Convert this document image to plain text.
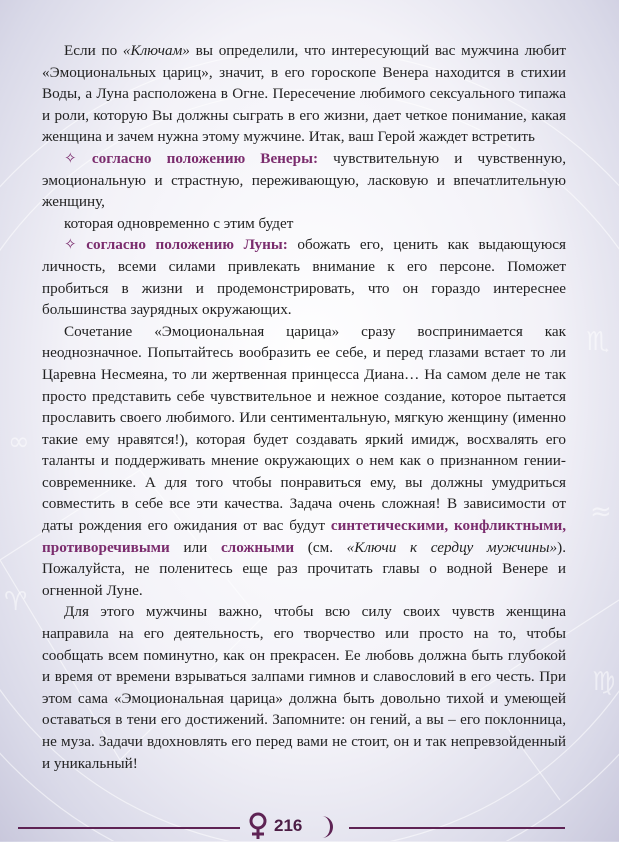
∞
♏
≈
♍
♈

Если по «Ключам» вы определили, что интересующий вас мужчина любит «Эмоциональных цариц», значит, в его гороскопе Венера находится в стихии Воды, а Луна расположена в Огне. Пересечение любимого сексуального типажа и роли, которую Вы должны сыграть в его жизни, дает четкое понимание, какая женщина и зачем нужна этому мужчине. Итак, ваш Герой жаждет встретить

✧ согласно положению Венеры: чувствительную и чувственную, эмоциональную и страстную, переживающую, ласковую и впечатлительную женщину,

которая одновременно с этим будет

✧ согласно положению Луны: обожать его, ценить как выдающуюся личность, всеми силами привлекать внимание к его персоне. Поможет пробиться в жизни и продемонстрировать, что он гораздо интереснее большинства заурядных окружающих.

Сочетание «Эмоциональная царица» сразу воспринимается как неоднозначное. Попытайтесь вообразить ее себе, и перед глазами встает то ли Царевна Несмеяна, то ли жертвенная принцесса Диана… На самом деле не так просто представить себе чувствительное и нежное создание, которое пытается прославить своего любимого. Или сентиментальную, мягкую женщину (именно такие ему нравятся!), которая будет создавать яркий имидж, восхвалять его таланты и поддерживать мнение окружающих о нем как о признанном гении-современнике. А для того чтобы понравиться ему, вы должны умудриться совместить в себе все эти качества. Задача очень сложная! В зависимости от даты рождения его ожидания от вас будут синтетическими, конфликтными, противоречивыми или сложными (см. «Ключи к сердцу мужчины»). Пожалуйста, не поленитесь еще раз прочитать главы о водной Венере и огненной Луне.

Для этого мужчины важно, чтобы всю силу своих чувств женщина направила на его деятельность, его творчество или просто на то, чтобы сообщать всем поминутно, как он прекрасен. Ее любовь должна быть глубокой и время от времени взрываться залпами гимнов и славословий в его честь. При этом сама «Эмоциональная царица» должна быть довольно тихой и умеющей оставаться в тени его достижений. Запомните: он гений, а вы – его поклонница, не муза. Задачи вдохновлять его перед вами не стоит, он и так непревзойденный и уникальный!

216
